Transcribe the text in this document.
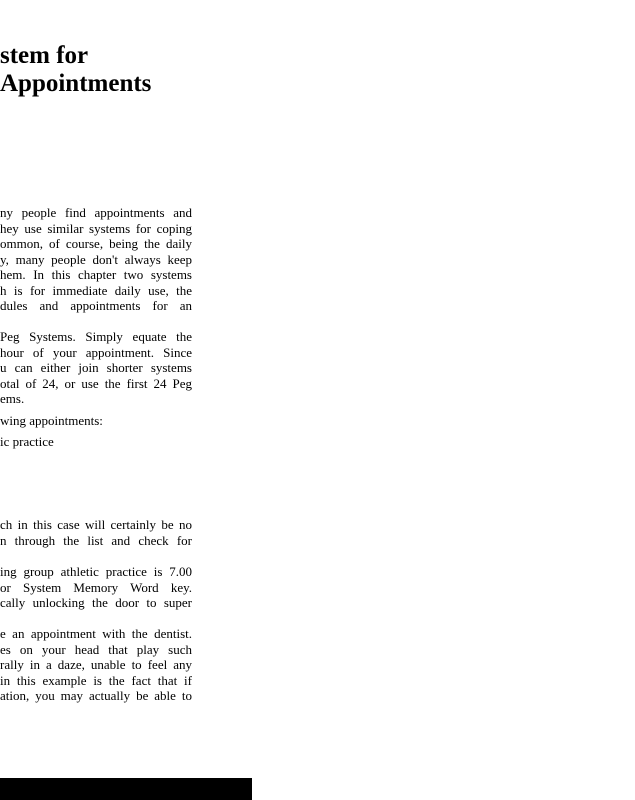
stem for
Appointments
ny people find appointments and
hey use similar systems for coping
ommon, of course, being the daily
y, many people don't always keep
hem. In this chapter two systems
h is for immediate daily use, the
dules and appointments for an
Peg Systems. Simply equate the
hour of your appointment. Since
u can either join shorter systems
otal of 24, or use the first 24 Peg
ems.
wing appointments:
ic practice
ch in this case will certainly be no
n through the list and check for
ing group athletic practice is 7.00
or System Memory Word key.
cally unlocking the door to super
e an appointment with the dentist.
es on your head that play such
rally in a daze, unable to feel any
in this example is the fact that if
ation, you may actually be able to
